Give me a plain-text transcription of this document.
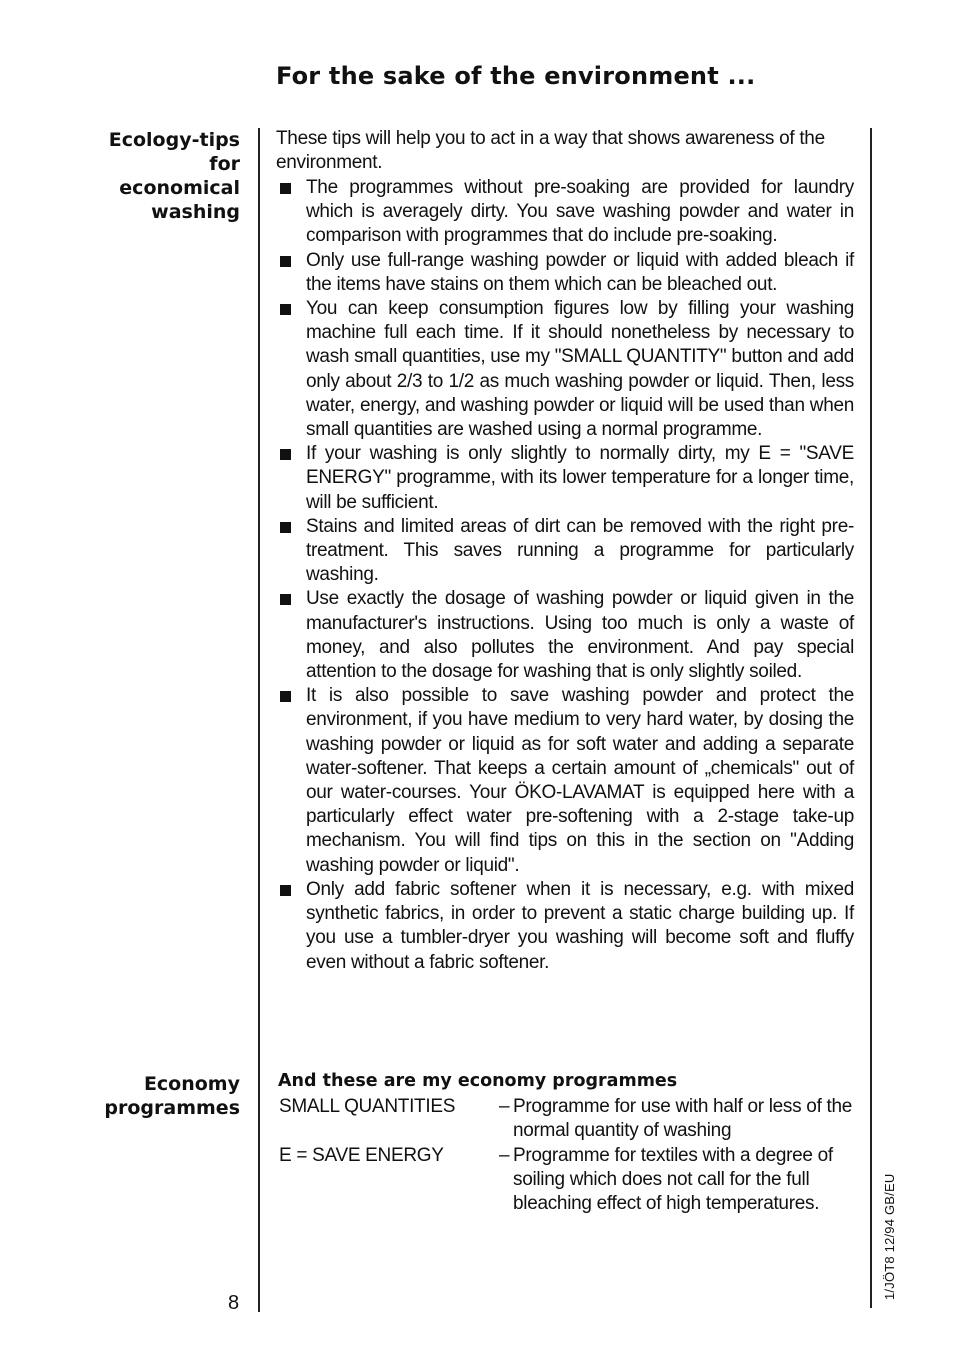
For the sake of the environment ...
Ecology-tips
for
economical
washing
Economy
programmes
These tips will help you to act in a way that shows awareness of the environment.
The programmes without pre-soaking are provided for laundry which is averagely dirty. You save washing powder and water in comparison with programmes that do include pre-soaking.
Only use full-range washing powder or liquid with added bleach if the items have stains on them which can be bleached out.
You can keep consumption figures low by filling your washing machine full each time. If it should nonetheless by necessary to wash small quantities, use my "SMALL QUANTITY" button and add only about 2/3 to 1/2 as much washing powder or liquid. Then, less water, energy, and washing powder or liquid will be used than when small quantities are washed using a normal programme.
If your washing is only slightly to normally dirty, my E = "SAVE ENERGY" programme, with its lower temperature for a longer time, will be sufficient.
Stains and limited areas of dirt can be removed with the right pre-treatment. This saves running a programme for particularly washing.
Use exactly the dosage of washing powder or liquid given in the manufacturer's instructions. Using too much is only a waste of money, and also pollutes the environment. And pay special attention to the dosage for washing that is only slightly soiled.
It is also possible to save washing powder and protect the environment, if you have medium to very hard water, by dosing the washing powder or liquid as for soft water and adding a separate water-softener. That keeps a certain amount of „chemicals" out of our water-courses. Your ÖKO-LAVAMAT is equipped here with a particularly effect water pre-softening with a 2-stage take-up mechanism. You will find tips on this in the section on "Adding washing powder or liquid".
Only add fabric softener when it is necessary, e.g. with mixed synthetic fabrics, in order to prevent a static charge building up. If you use a tumbler-dryer you washing will become soft and fluffy even without a fabric softener.
And these are my economy programmes
SMALL QUANTITIES – Programme for use with half or less of the normal quantity of washing
E = SAVE ENERGY	– Programme for textiles with a degree of soiling which does not call for the full bleaching effect of high temperatures.
8
1/JÖT8 12/94 GB/EU
